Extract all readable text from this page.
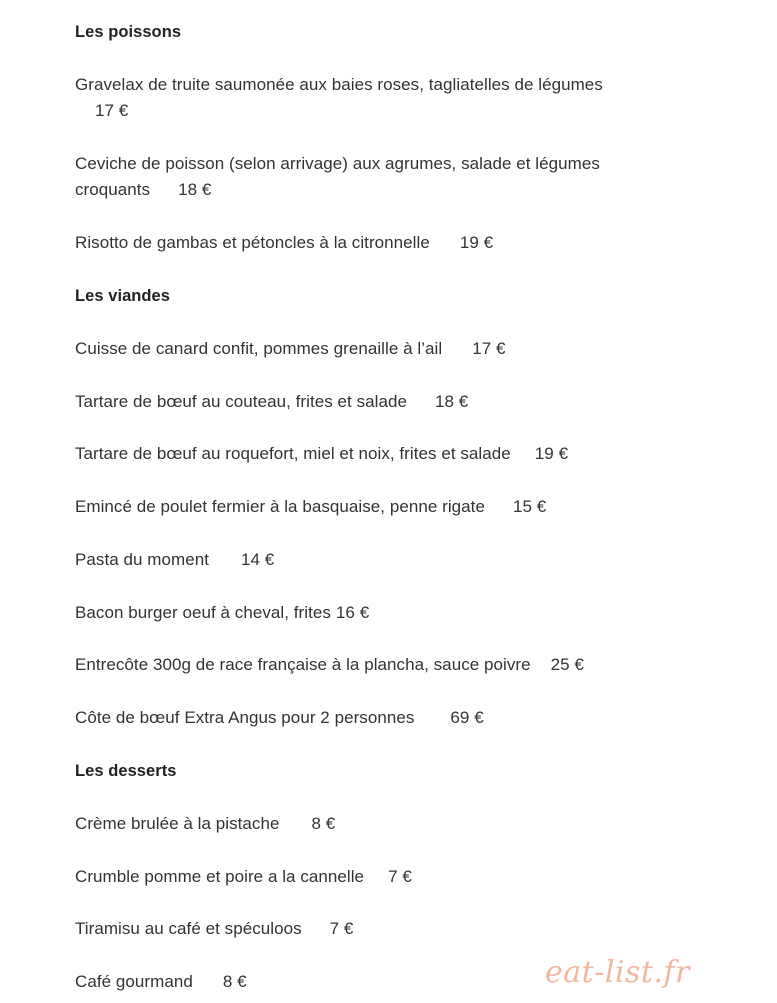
Les poissons
Gravelax de truite saumonée aux baies roses, tagliatelles de légumes
17 €
Ceviche de poisson (selon arrivage) aux agrumes, salade et légumes
croquants 18 €
Risotto de gambas et pétoncles à la citronnelle 19 €
Les viandes
Cuisse de canard confit, pommes grenaille à l’ail 17 €
Tartare de bœuf au couteau, frites et salade 18 €
Tartare de bœuf au roquefort, miel et noix, frites et salade 19 €
Emincé de poulet fermier à la basquaise, penne rigate 15 €
Pasta du moment 14 €
Bacon burger oeuf à cheval, frites 16 €
Entrecôte 300g de race française à la plancha, sauce poivre 25 €
Côte de bœuf Extra Angus pour 2 personnes 69 €
Les desserts
Crème brulée à la pistache 8 €
Crumble pomme et poire a la cannelle 7 €
Tiramisu au café et spéculoos 7 €
Café gourmand 8 €	eat-list.fr
